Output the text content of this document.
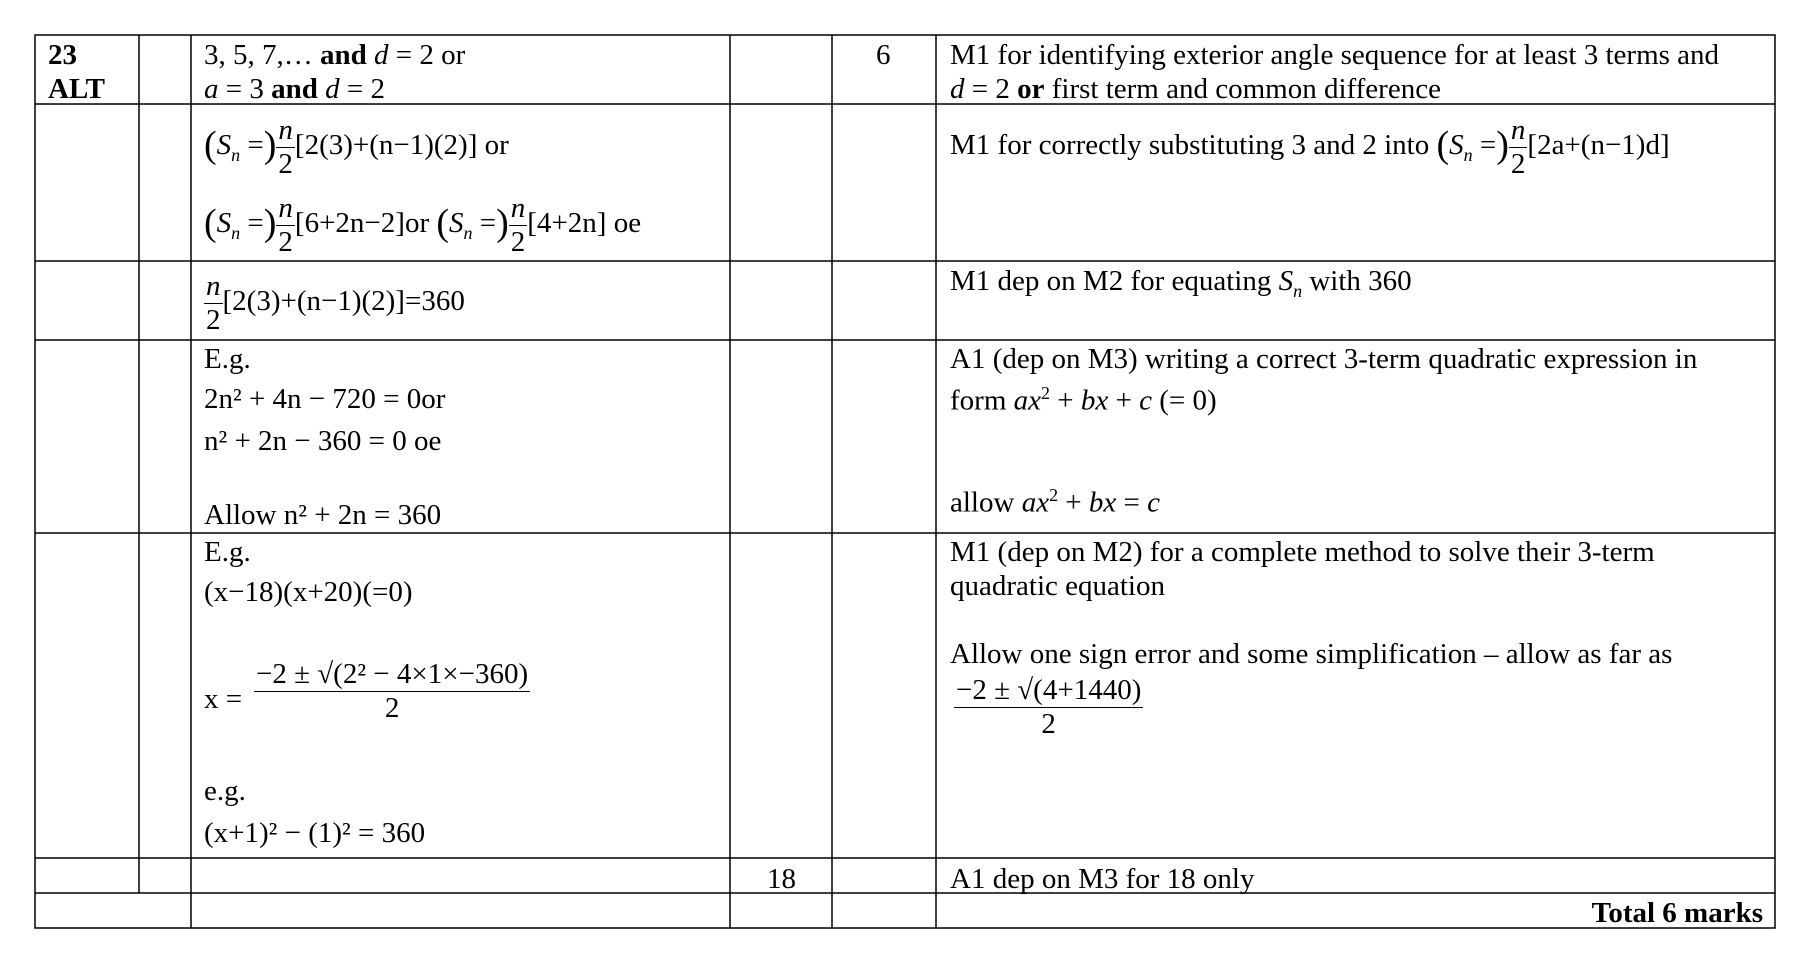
23
ALT
3, 5, 7,… and d = 2 or
a = 3 and d = 2
6 M1 for identifying exterior angle sequence for at least 3 terms and
d = 2 or first term and common difference
($S_n$ =) $\frac{n}{2} [2(3)+(n-1)(2)]$ or
($S_n$ =) $\frac{n}{2} [6+2n-2]or$ ($S_n$ =) $\frac{n}{2} [4+2n]$ oe
M1 for correctly substituting 3 and 2 into ($S_n$ =) $\frac{n}{2} [2a+(n-1)d]$
$\frac{n}{2} [2(3)+(n-1)(2)]=360$
M1 dep on M2 for equating $S_n$ with 360
E.g.
2n² + 4n − 720 = 0or
n² + 2n − 360 = 0 oe
Allow n² + 2n = 360
A1 (dep on M3) writing a correct 3-term quadratic expression in
form $ax^2$ + bx + c (= 0)
allow $ax^2$ + bx = c
E.g.
(x−18)(x+20)(=0)
$x = \frac{\text{−2 ± √(2² − 4×1×−360)}}{2}$
e.g.
(x+1)² − (1)² = 360
M1 (dep on M2) for a complete method to solve their 3-term
quadratic equation
Allow one sign error and some simplification – allow as far as
$\frac{-2 \pm √(4+1440)}{2}$
18	A1 dep on M3 for 18 only
Total 6 marks
